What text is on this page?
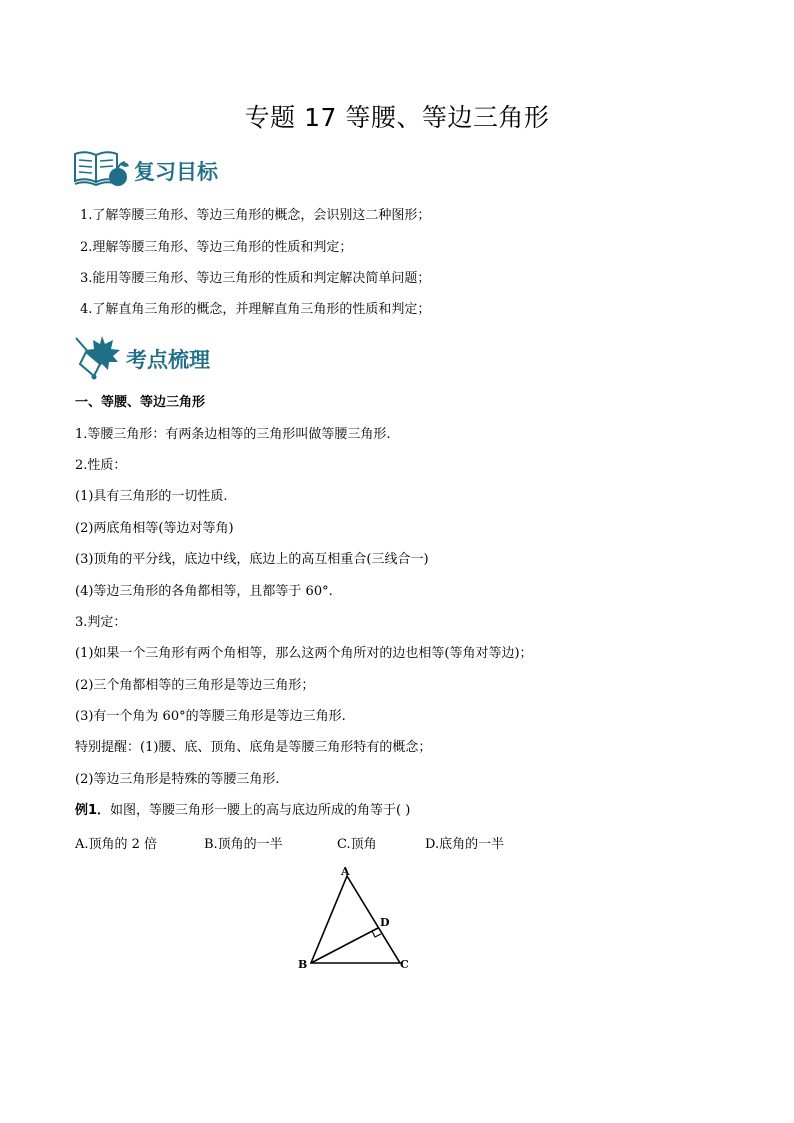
专题 17 等腰、等边三角形
复习目标
1.了解等腰三角形、等边三角形的概念，会识别这二种图形；
2.理解等腰三角形、等边三角形的性质和判定；
3.能用等腰三角形、等边三角形的性质和判定解决简单问题；
4.了解直角三角形的概念，并理解直角三角形的性质和判定；
考点梳理
一、等腰、等边三角形
1.等腰三角形：有两条边相等的三角形叫做等腰三角形.
2.性质：
(1)具有三角形的一切性质.
(2)两底角相等(等边对等角)
(3)顶角的平分线，底边中线，底边上的高互相重合(三线合一)
(4)等边三角形的各角都相等，且都等于 60°.
3.判定：
(1)如果一个三角形有两个角相等，那么这两个角所对的边也相等(等角对等边)；
(2)三个角都相等的三角形是等边三角形；
(3)有一个角为 60°的等腰三角形是等边三角形.
特别提醒：(1)腰、底、顶角、底角是等腰三角形特有的概念；
(2)等边三角形是特殊的等腰三角形.
例1．如图，等腰三角形一腰上的高与底边所成的角等于( )
A.顶角的 2 倍	B.顶角的一半	C.顶角	D.底角的一半
A
B	C
D
